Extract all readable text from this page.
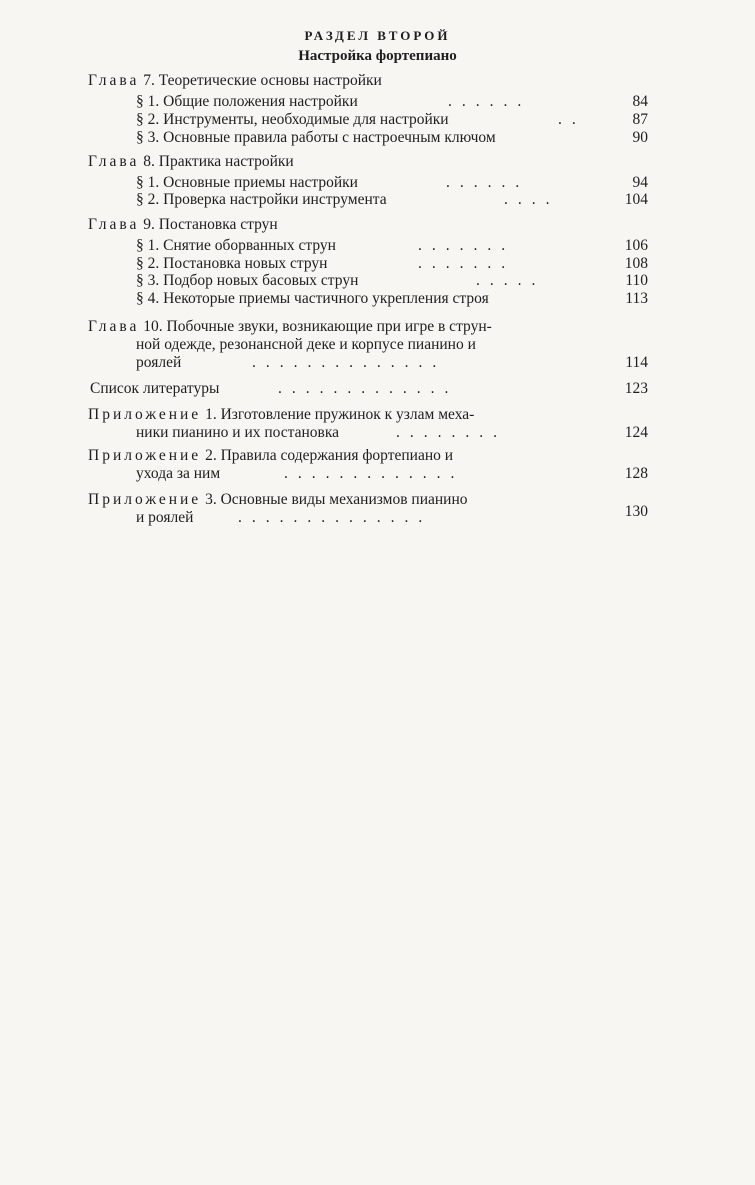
РАЗДЕЛ ВТОРОЙ
Настройка фортепиано
Глава 7. Теоретические основы настройки
§ 1. Общие положения настройки	......	84
§ 2. Инструменты, необходимые для настройки	..	87
§ 3. Основные правила работы с настроечным ключом	90
Глава 8. Практика настройки
§ 1. Основные приемы настройки	......	94
§ 2. Проверка настройки инструмента	....	104
Глава 9. Постановка струн
§ 1. Снятие оборванных струн	.......	106
§ 2. Постановка новых струн	.......	108
§ 3. Подбор новых басовых струн	.....	110
§ 4. Некоторые приемы частичного укрепления строя	113
Глава 10. Побочные звуки, возникающие при игре в струн-
ной одежде, резонансной деке и корпусе пианино и
роялей	..............	114
Список литературы	.............	123
Приложение 1. Изготовление пружинок к узлам меха-
ники пианино и их постановка	........	124
Приложение 2. Правила содержания фортепиано и
ухода за ним	.............	128
Приложение 3. Основные виды механизмов пианино
и роялей	..............	130
